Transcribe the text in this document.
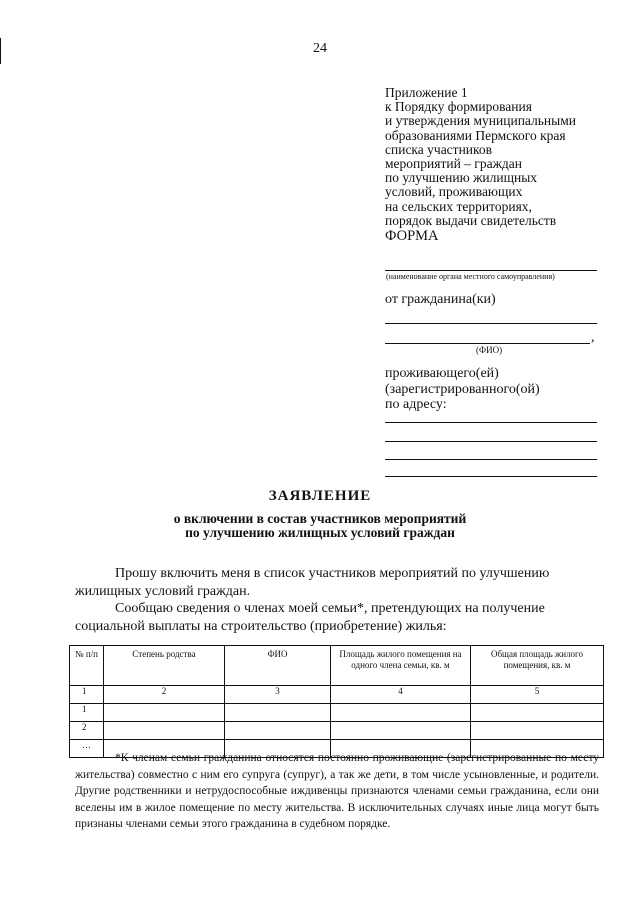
24
Приложение 1
к Порядку формирования
и утверждения муниципальными
образованиями Пермского края
списка участников
мероприятий – граждан
по улучшению жилищных
условий, проживающих
на сельских территориях,
порядок выдачи свидетельств
ФОРМА
(наименование органа местного самоуправления)
от гражданина(ки)
,
(ФИО)
проживающего(ей)
(зарегистрированного(ой)
по адресу:
ЗАЯВЛЕНИЕ
о включении в состав участников мероприятий
по улучшению жилищных условий граждан
Прошу включить меня в список участников мероприятий по улучшению жилищных условий граждан.
Сообщаю сведения о членах моей семьи*, претендующих на получение социальной выплаты на строительство (приобретение) жилья:
№ п/п	Степень родства	ФИО	Площадь жилого помещения на одного члена семьи, кв. м	Общая площадь жилого помещения, кв. м
1	2	3	4	5
1				
2				
…				
*К членам семьи гражданина относятся постоянно проживающие (зарегистрированные по месту жительства) совместно с ним его супруга (супруг), а так же дети, в том числе усыновленные, и родители. Другие родственники и нетрудоспособные иждивенцы признаются членами семьи гражданина, если они вселены им в жилое помещение по месту жительства. В исключительных случаях иные лица могут быть признаны членами семьи этого гражданина в судебном порядке.
